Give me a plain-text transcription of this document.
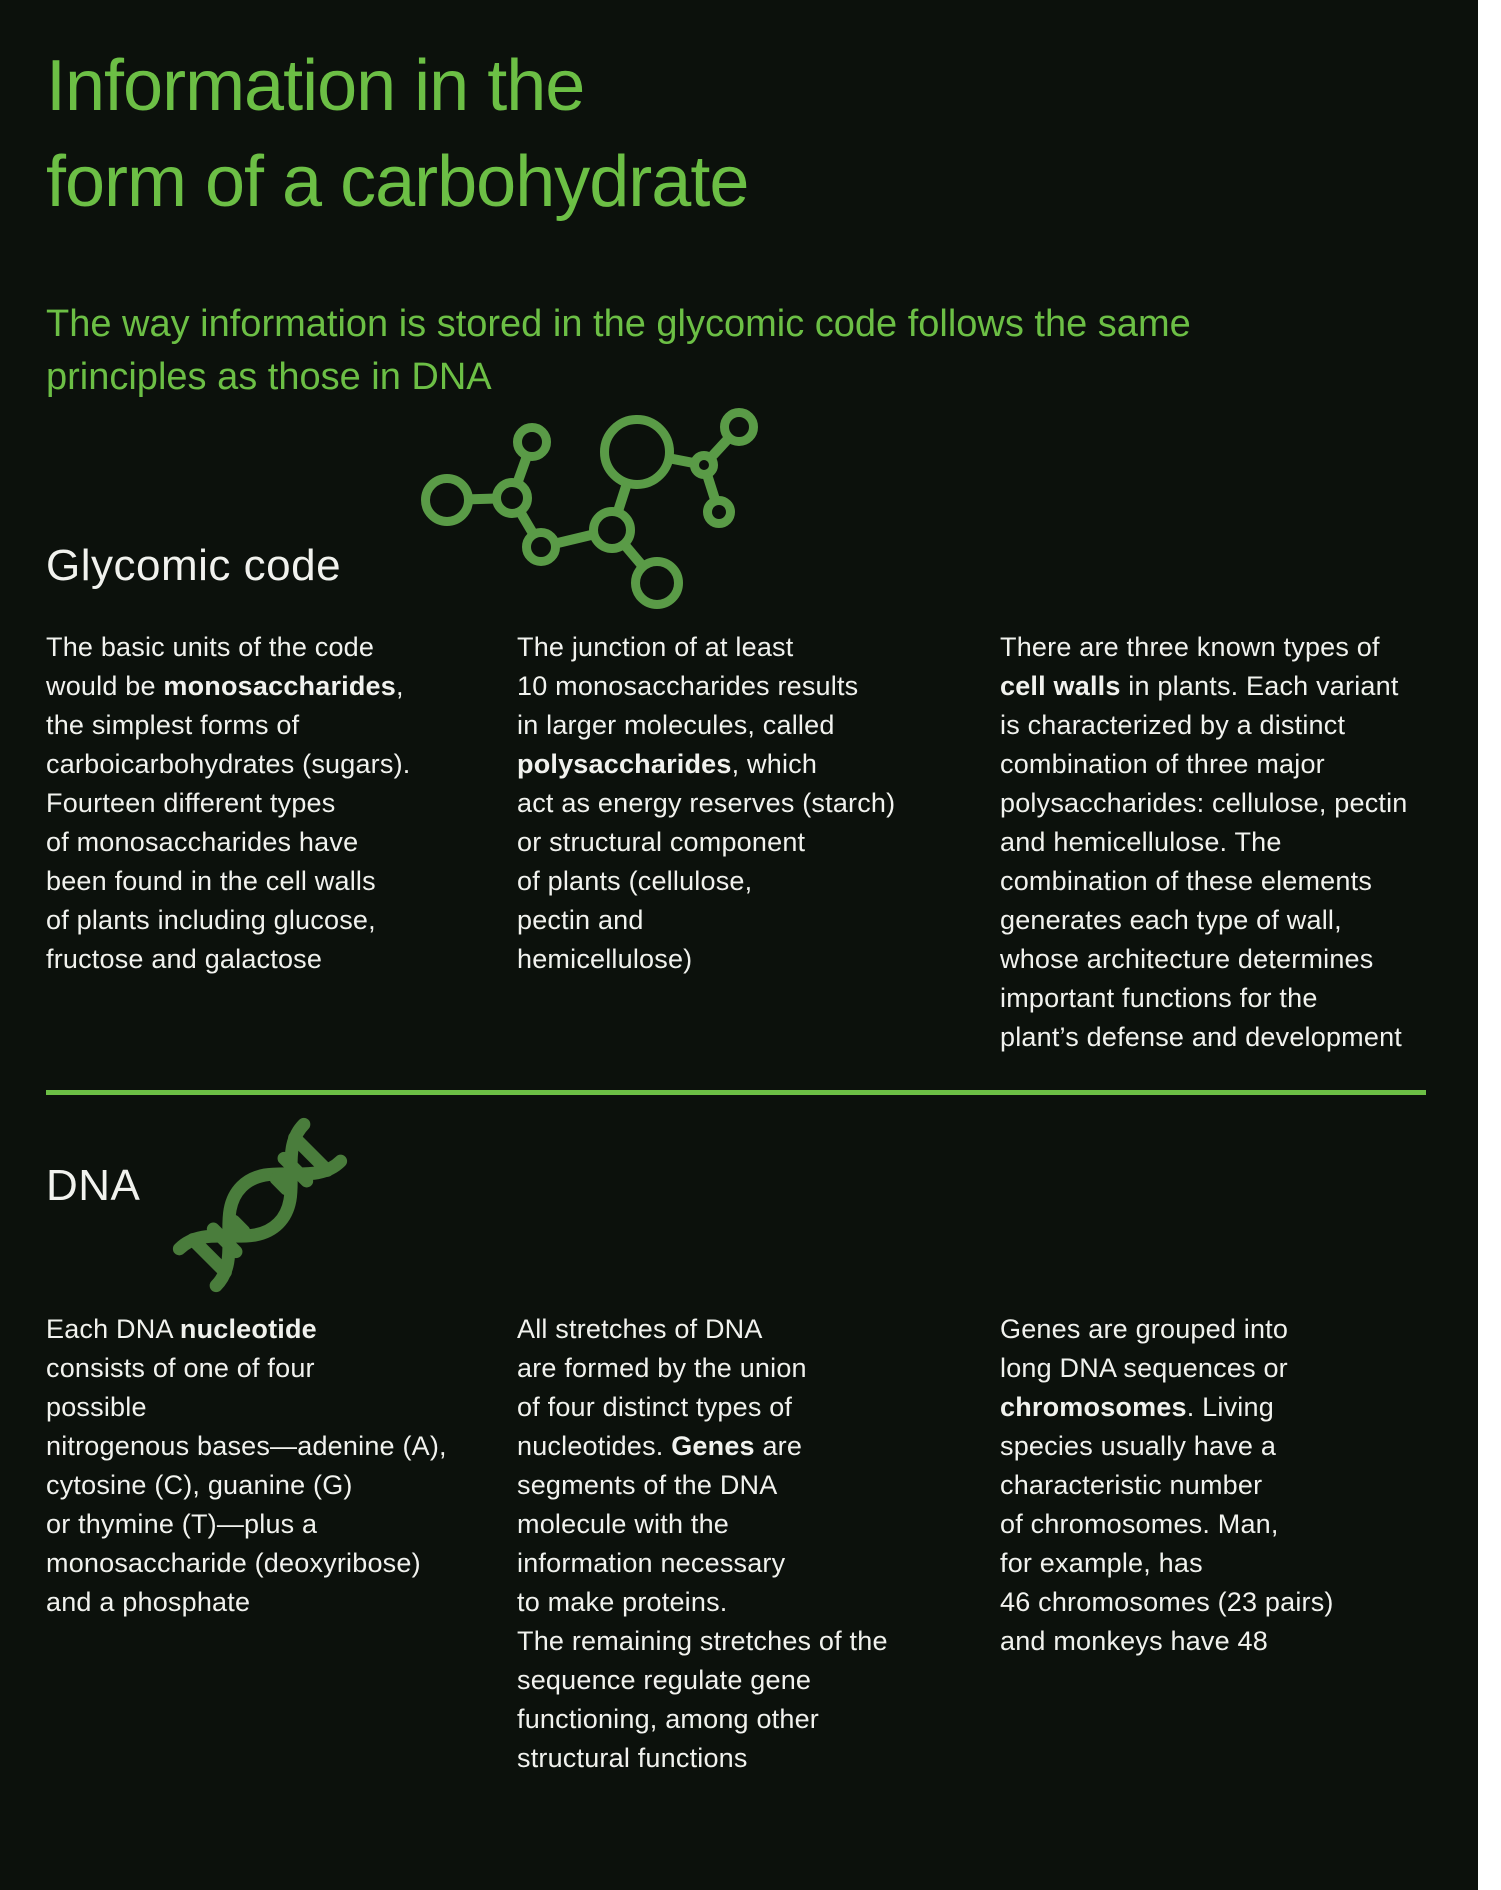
Information in the
form of a carbohydrate
The way information is stored in the glycomic code follows the same
principles as those in DNA
Glycomic code
The basic units of the code
would be monosaccharides,
the simplest forms of
carboicarbohydrates (sugars).
Fourteen different types
of monosaccharides have
been found in the cell walls
of plants including glucose,
fructose and galactose
The junction of at least
10 monosaccharides results
in larger molecules, called
polysaccharides, which
act as energy reserves (starch)
or structural component
of plants (cellulose,
pectin and
hemicellulose)
There are three known types of
cell walls in plants. Each variant
is characterized by a distinct
combination of three major
polysaccharides: cellulose, pectin
and hemicellulose. The
combination of these elements
generates each type of wall,
whose architecture determines
important functions for the
plant’s defense and development
DNA
Each DNA nucleotide
consists of one of four
possible
nitrogenous bases—adenine (A),
cytosine (C), guanine (G)
or thymine (T)—plus a
monosaccharide (deoxyribose)
and a phosphate
All stretches of DNA
are formed by the union
of four distinct types of
nucleotides. Genes are
segments of the DNA
molecule with the
information necessary
to make proteins.
The remaining stretches of the
sequence regulate gene
functioning, among other
structural functions
Genes are grouped into
long DNA sequences or
chromosomes. Living
species usually have a
characteristic number
of chromosomes. Man,
for example, has
46 chromosomes (23 pairs)
and monkeys have 48
